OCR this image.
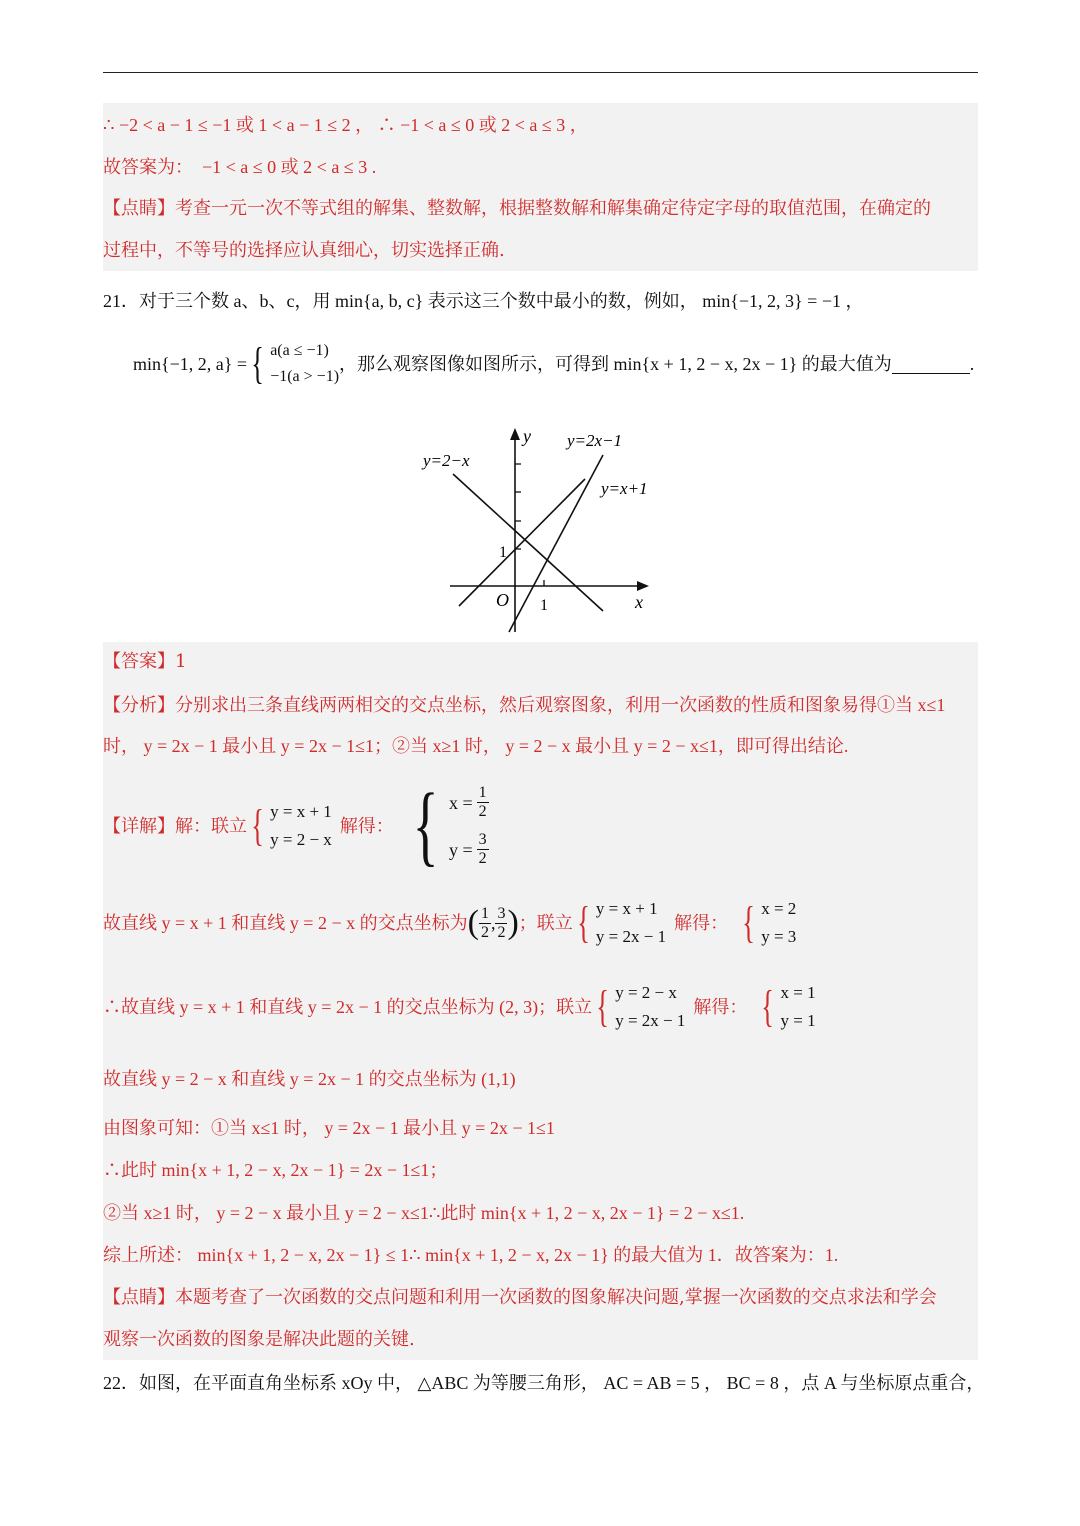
∴ −2 < a − 1 ≤ −1 或 1 < a − 1 ≤ 2 ， ∴ −1 < a ≤ 0 或 2 < a ≤ 3 ，
故答案为：　−1 < a ≤ 0 或 2 < a ≤ 3 .
【点睛】考查一元一次不等式组的解集、整数解，根据整数解和解集确定待定字母的取值范围，在确定的
过程中，不等号的选择应认真细心，切实选择正确.
21．对于三个数 a、b、c，用 min{a, b, c} 表示这三个数中最小的数，例如， min{−1, 2, 3} = −1 ，
min{−1, 2, a} = { a(a ≤ −1)
−1(a > −1)
，那么观察图像如图所示，可得到 min{x + 1, 2 − x, 2x − 1} 的最大值为	.
y
x
O 1
1
y=2−x
y=2x−1
y=x+1
【答案】1
【分析】分别求出三条直线两两相交的交点坐标，然后观察图象，利用一次函数的性质和图象易得①当 x≤1
时， y = 2x − 1 最小且 y = 2x − 1≤1；②当 x≥1 时， y = 2 − x 最小且 y = 2 − x≤1，即可得出结论.
【详解】 解：联立 { y = x + 1
y = 2 − x
解得： { $x = \frac{1}{2}$
$y = \frac{3}{2}$
故直线 y = x + 1 和直线 y = 2 − x 的交点坐标为 ( $\frac{1}{2}$ , $\frac{3}{2}$ ) ；联立 { y = x + 1
y = 2x − 1
解得： { x = 2
y = 3
∴故直线 y = x + 1 和直线 y = 2x − 1 的交点坐标为 (2, 3)；联立 { y = 2 − x
y = 2x − 1
解得： { x = 1
y = 1
故直线 y = 2 − x 和直线 y = 2x − 1 的交点坐标为 (1,1)
由图象可知：①当 x≤1 时， y = 2x − 1 最小且 y = 2x − 1≤1
∴此时 min{x + 1, 2 − x, 2x − 1} = 2x − 1≤1；
②当 x≥1 时， y = 2 − x 最小且 y = 2 − x≤1∴此时 min{x + 1, 2 − x, 2x − 1} = 2 − x≤1.
综上所述： min{x + 1, 2 − x, 2x − 1} ≤ 1∴ min{x + 1, 2 − x, 2x − 1} 的最大值为 1．故答案为：1.
【点睛】本题考查了一次函数的交点问题和利用一次函数的图象解决问题,掌握一次函数的交点求法和学会
观察一次函数的图象是解决此题的关键.
22．如图，在平面直角坐标系 xOy 中， △ABC 为等腰三角形， AC = AB = 5 ， BC = 8 ，点 A 与坐标原点重合，
